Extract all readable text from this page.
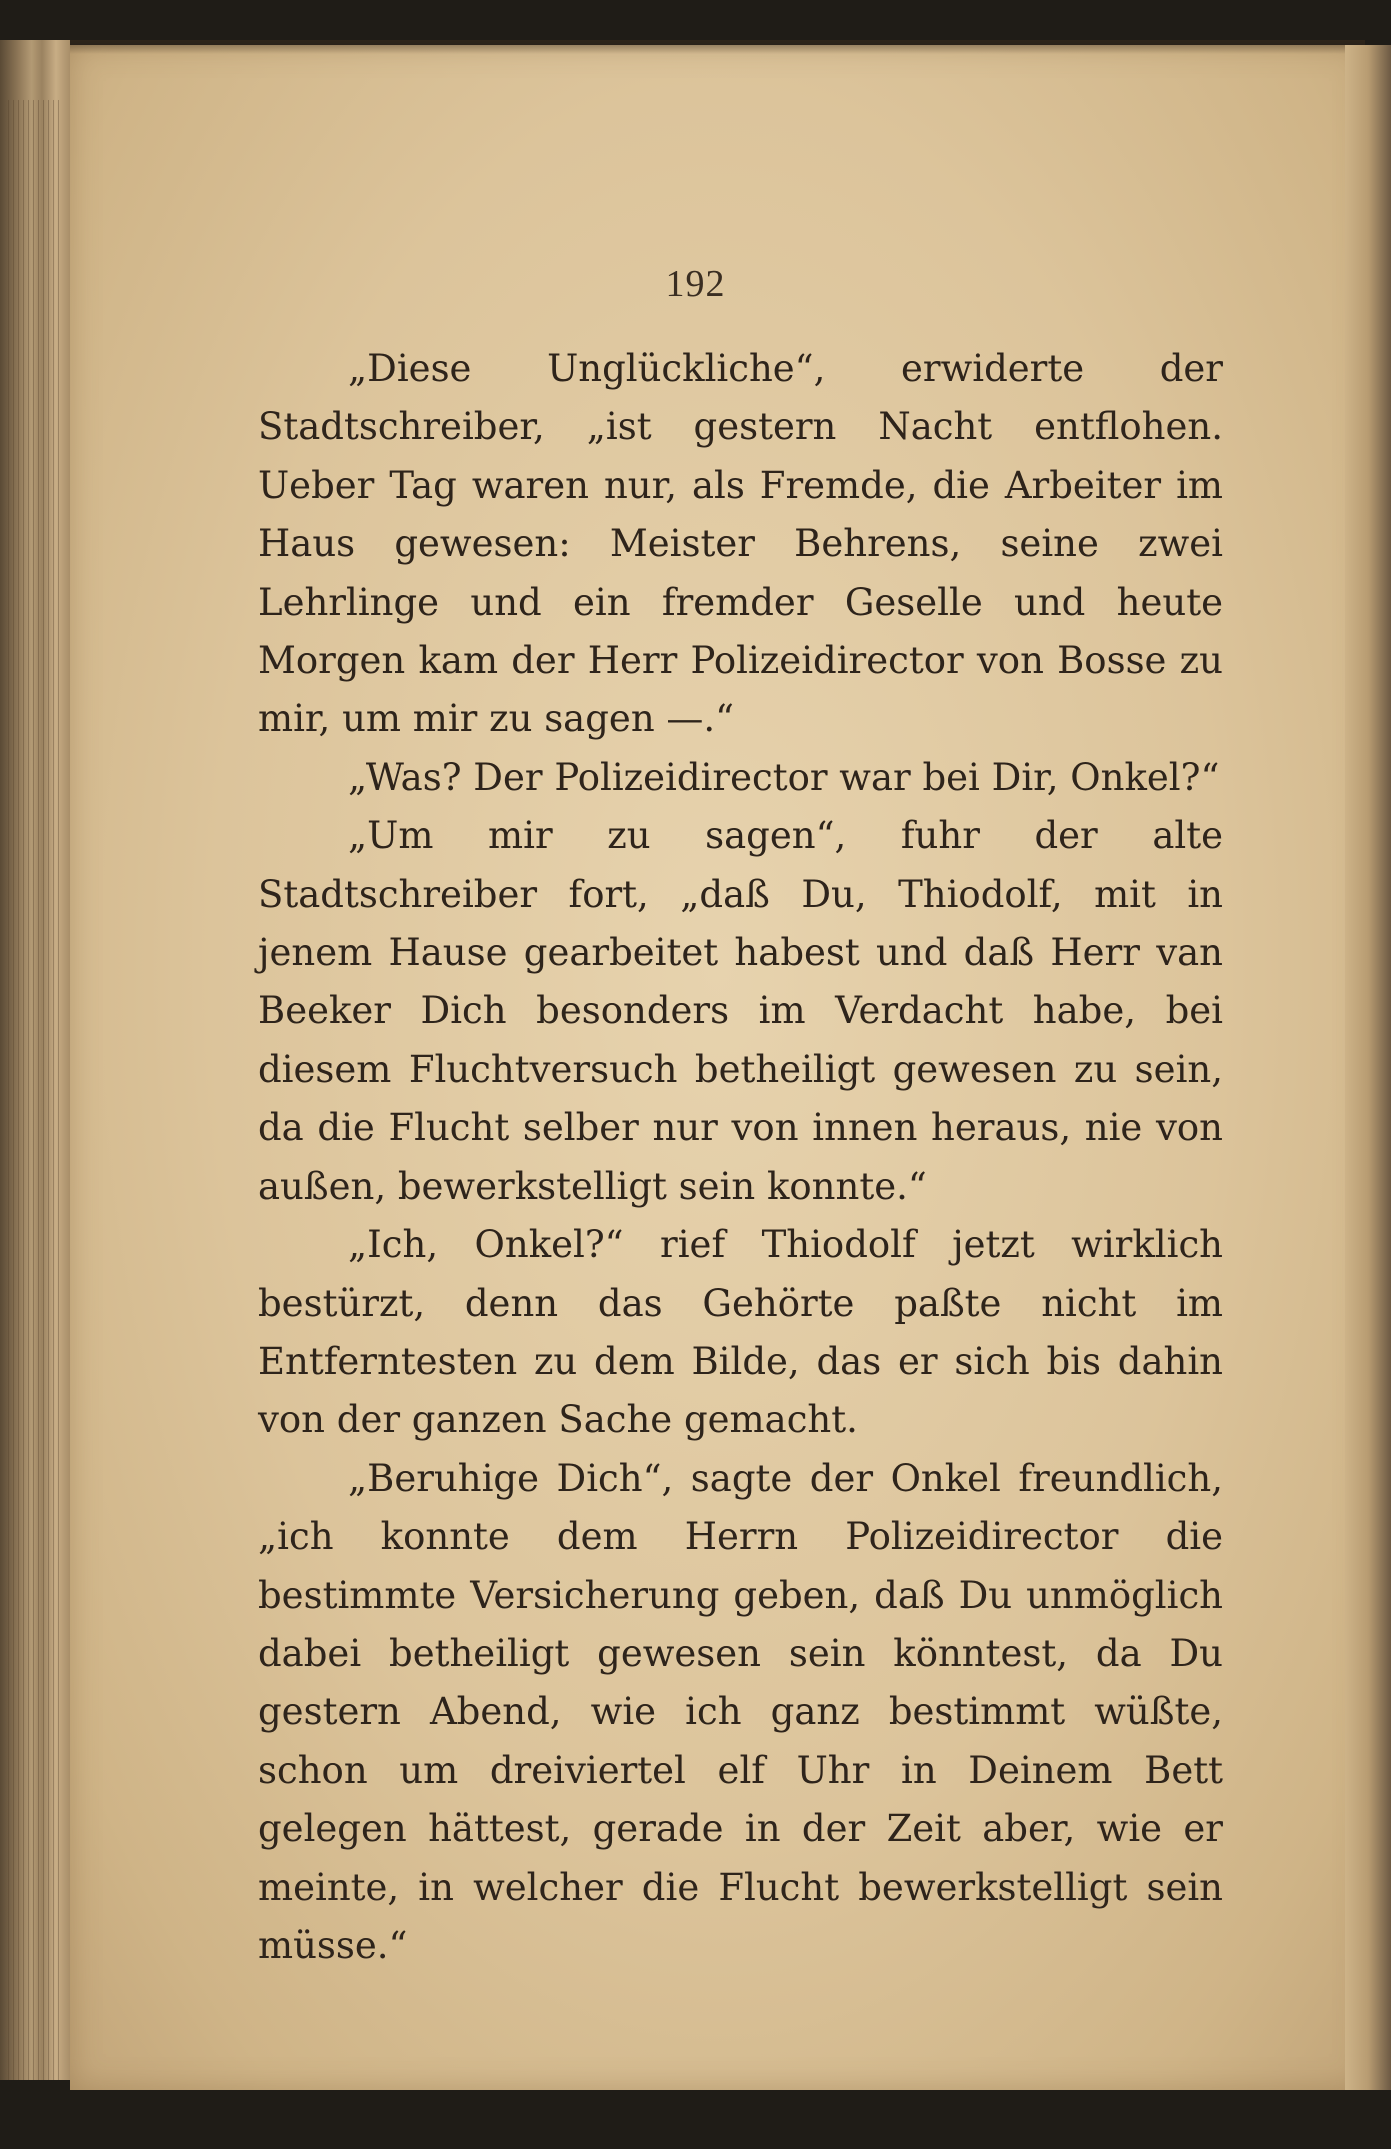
192

„Diese Unglückliche“, erwiderte der Stadtschreiber, „ist gestern Nacht entflohen. Ueber Tag waren nur, als Fremde, die Arbeiter im Haus gewesen: Meister Behrens, seine zwei Lehrlinge und ein fremder Geselle und heute Morgen kam der Herr Polizeidirector von Bosse zu mir, um mir zu sagen —.“

„Was? Der Polizeidirector war bei Dir, Onkel?“

„Um mir zu sagen“, fuhr der alte Stadtschreiber fort, „daß Du, Thiodolf, mit in jenem Hause gearbeitet habest und daß Herr van Beeker Dich besonders im Verdacht habe, bei diesem Fluchtversuch betheiligt gewesen zu sein, da die Flucht selber nur von innen heraus, nie von außen, bewerkstelligt sein konnte.“

„Ich, Onkel?“ rief Thiodolf jetzt wirklich bestürzt, denn das Gehörte paßte nicht im Entferntesten zu dem Bilde, das er sich bis dahin von der ganzen Sache gemacht.

„Beruhige Dich“, sagte der Onkel freundlich, „ich konnte dem Herrn Polizeidirector die bestimmte Versicherung geben, daß Du unmöglich dabei betheiligt gewesen sein könntest, da Du gestern Abend, wie ich ganz bestimmt wüßte, schon um dreiviertel elf Uhr in Deinem Bett gelegen hättest, gerade in der Zeit aber, wie er meinte, in welcher die Flucht bewerkstelligt sein müsse.“
